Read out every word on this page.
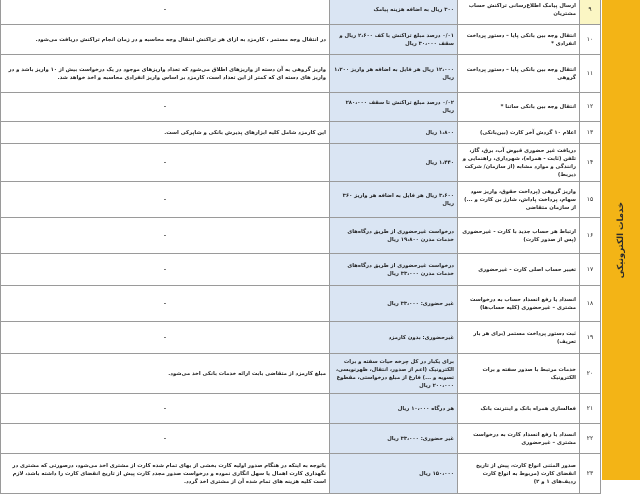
خدمات الکترونیکی
۹	ارسال پیامک اطلاع‌رسانی تراکنش حساب مشتریان	۳۰۰ ریال به اضافه هزینه پیامک	-

۱۰	انتقال وجه بین بانکی پایا – دستور پرداخت انفرادی *	۰/۰۱ درصد مبلغ تراکنش با کف ۲،۶۰۰ ریال و سقف ۳۰،۰۰۰ ریال	در انتقال وجه مستمر ، کارمزد به ازای هر تراکنش انتقال وجه محاسبه و در زمان انجام تراکنش دریافت می‌شود.
۱۱	انتقال وجه بین بانکی پایا – دستور پرداخت گروهی	۱۲،۰۰۰ ریال هر فایل به اضافه هر واریز ۱،۲۰۰ ریال	واریز گروهی به آن دسته از واریزهای اطلاق می‌شود که تعداد واریزهای موجود در یک درخواست بیش از ۱۰ واریز باشد و در واریز های دسته ای که کمتر از این تعداد است، کارمزد بر اساس واریز انفرادی محاسبه و اخذ خواهد شد.
۱۲	انتقال وجه بین بانکی ساتنا *	۰/۰۲ درصد مبلغ تراکنش تا سقف ۲۸۰،۰۰۰ ریال	-

۱۳	اعلام ۱۰ گردش آخر کارت (بین‌بانکی)	۱،۸۰۰ ریال	این کارمزد شامل کلیه ابزارهای پذیرش بانکی و شاپرکی است.
۱۴	دریافت غیر حضوری قبوض آب، برق، گاز، تلفن (ثابت - همراه)، شهرداری، راهنمایی و رانندگی و موارد مشابه (از سازمان/ شرکت ذیربط)	۱،۴۴۰ ریال	-

۱۵	واریز گروهی (پرداخت حقوق، واریز سود سهام، پرداخت پاداش، شارژ بن کارت و ...) از سازمان متقاضی	۳،۶۰۰ ریال هر فایل به اضافه هر واریز ۳۶۰ ریال	-

۱۶	ارتباط هر حساب جدید با کارت - غیرحضوری (پس از صدور کارت)	درخواست غیرحضوری از طریق درگاه‌های خدمات مدرن ۱۹،۸۰۰ ریال	-

۱۷	تغییر حساب اصلی کارت - غیرحضوری	درخواست غیرحضوری از طریق درگاه‌های خدمات مدرن ۳۳،۰۰۰ ریال	-

۱۸	انسداد یا رفع انسداد حساب به درخواست مشتری – غیرحضوری (کلیه حساب‌ها)	غیر حضوری: ۳۳،۰۰۰ ریال	-

۱۹	ثبت دستور پرداخت مستمر (برای هر بار تعریف)	غیرحضوری: بدون کارمزد	-

۲۰	خدمات مرتبط با صدور سفته و برات الکترونیک	برای یکبار در کل چرخه حیات سفته و برات الکترونیک (اعم از صدور، انتقال، ظهرنویسی، تسویه و ...) فارغ از مبلغ درخواستی، مقطوع ۲۰۰،۰۰۰ ریال	مبلغ کارمزد از متقاضی بابت ارائه خدمات بانکی اخذ می‌شود.
۲۱	فعالسازی همراه بانک و اینترنت بانک	هر درگاه ۱۰،۰۰۰ ریال	-

۲۲	انسداد یا رفع انسداد کارت به درخواست مشتری – غیرحضوری	غیر حضوری: ۳۳،۰۰۰ ریال	-

۲۳	صدور المثنی انواع کارت، پیش از تاریخ انقضای کارت (مربوط به انواع کارت ردیف‌های ۱ و ۲)	۱۵۰،۰۰۰ ریال	باتوجه به اینکه در هنگام صدور اولیه کارت بخشی از بهای تمام شده کارت از مشتری اخذ می‌شود، درصورتی که مشتری در نگهداری کارت اهمال یا سهل انگاری نموده و درخواست صدور مجدد کارت پیش از تاریخ انقضای کارت را داشته باشد، لازم است کلیه هزینه های تمام شده آن از مشتری اخذ گردد.
